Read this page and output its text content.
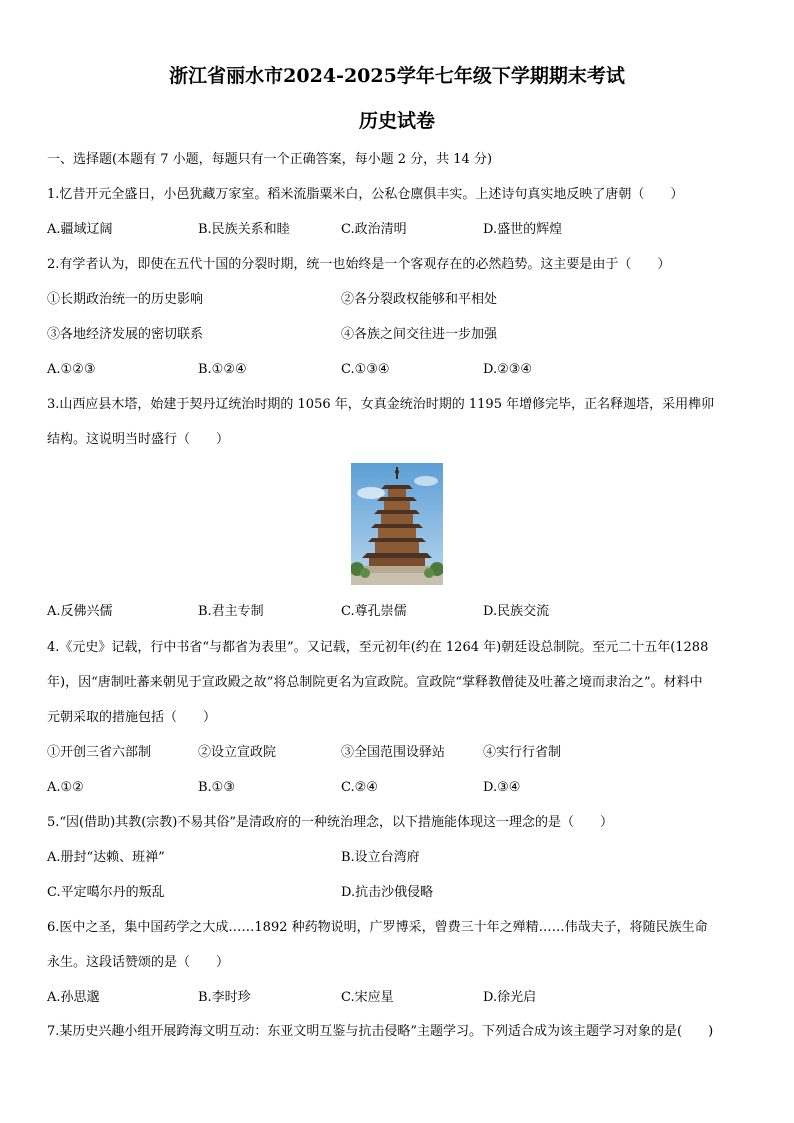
浙江省丽水市2024-2025学年七年级下学期期末考试
历史试卷
一、选择题(本题有 7 小题，每题只有一个正确答案，每小题 2 分，共 14 分)
1.忆昔开元全盛日，小邑犹藏万家室。稻米流脂粟米白，公私仓廪俱丰实。上述诗句真实地反映了唐朝（　　）
A.疆域辽阔	B.民族关系和睦	C.政治清明	D.盛世的辉煌
2.有学者认为，即使在五代十国的分裂时期，统一也始终是一个客观存在的必然趋势。这主要是由于（　　）
①长期政治统一的历史影响	②各分裂政权能够和平相处
③各地经济发展的密切联系	④各族之间交往进一步加强
A.①②③	B.①②④	C.①③④	D.②③④
3.山西应县木塔，始建于契丹辽统治时期的 1056 年，女真金统治时期的 1195 年增修完毕，正名释迦塔，采用榫卯
结构。这说明当时盛行（　　）
A.反佛兴儒	B.君主专制	C.尊孔崇儒	D.民族交流
4.《元史》记载，行中书省“与都省为表里”。又记载，至元初年(约在 1264 年)朝廷设总制院。至元二十五年(1288
年)，因“唐制吐蕃来朝见于宣政殿之故”将总制院更名为宣政院。宣政院“掌释教僧徒及吐蕃之境而隶治之”。材料中
元朝采取的措施包括（　　）
①开创三省六部制	②设立宣政院	③全国范围设驿站	④实行行省制
A.①②	B.①③	C.②④	D.③④
5.“因(借助)其教(宗教)不易其俗”是清政府的一种统治理念，以下措施能体现这一理念的是（　　）
A.册封“达赖、班禅”	B.设立台湾府
C.平定噶尔丹的叛乱	D.抗击沙俄侵略
6.医中之圣，集中国药学之大成……1892 种药物说明，广罗博采，曾费三十年之殚精……伟哉夫子，将随民族生命
永生。这段话赞颂的是（　　）
A.孙思邈	B.李时珍	C.宋应星	D.徐光启
7.某历史兴趣小组开展跨海文明互动：东亚文明互鉴与抗击侵略”主题学习。下列适合成为该主题学习对象的是(　　)
